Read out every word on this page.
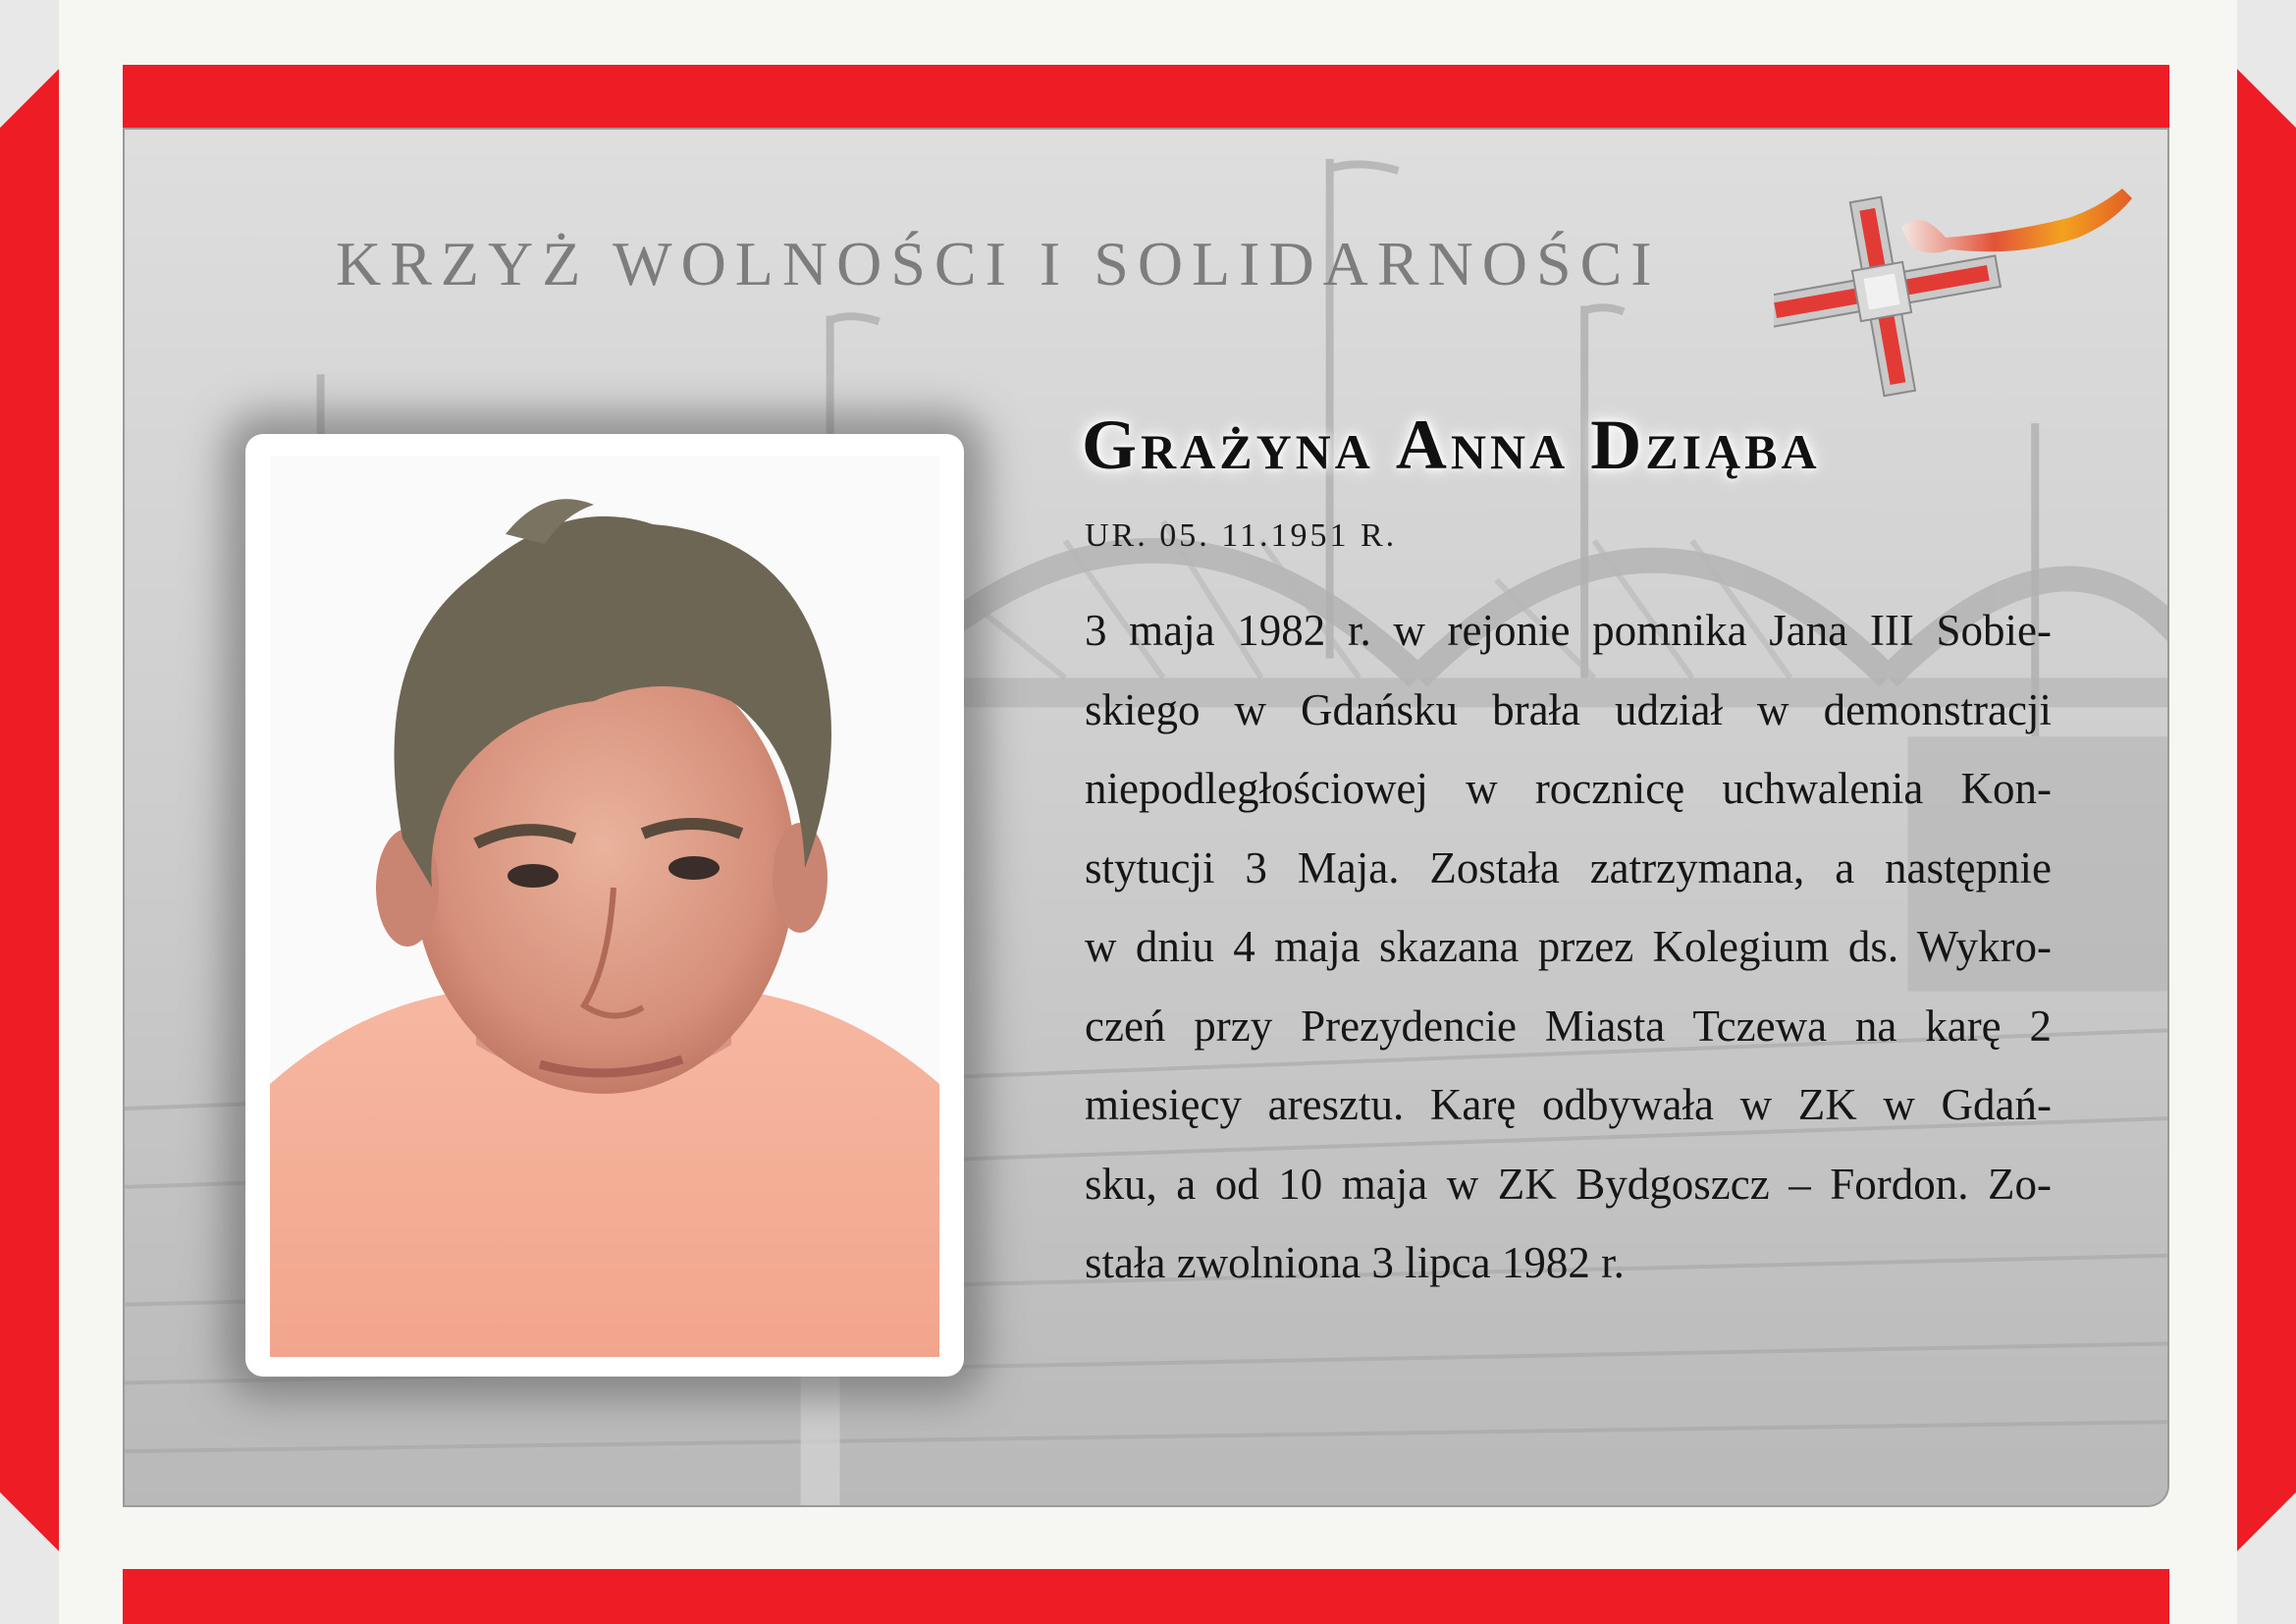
KRZYŻ WOLNOŚCI I SOLIDARNOŚCI
Grażyna Anna Dziąba
UR. 05. 11.1951 R.
3 maja 1982 r. w rejonie pomnika Jana III Sobie-
skiego w Gdańsku brała udział w demonstracji
niepodległościowej w rocznicę uchwalenia Kon-
stytucji 3 Maja. Została zatrzymana, a następnie
w dniu 4 maja skazana przez Kolegium ds. Wykro-
czeń przy Prezydencie Miasta Tczewa na karę 2
miesięcy aresztu. Karę odbywała w ZK w Gdań-
sku, a od 10 maja w ZK Bydgoszcz – Fordon. Zo-
stała zwolniona 3 lipca 1982 r.
